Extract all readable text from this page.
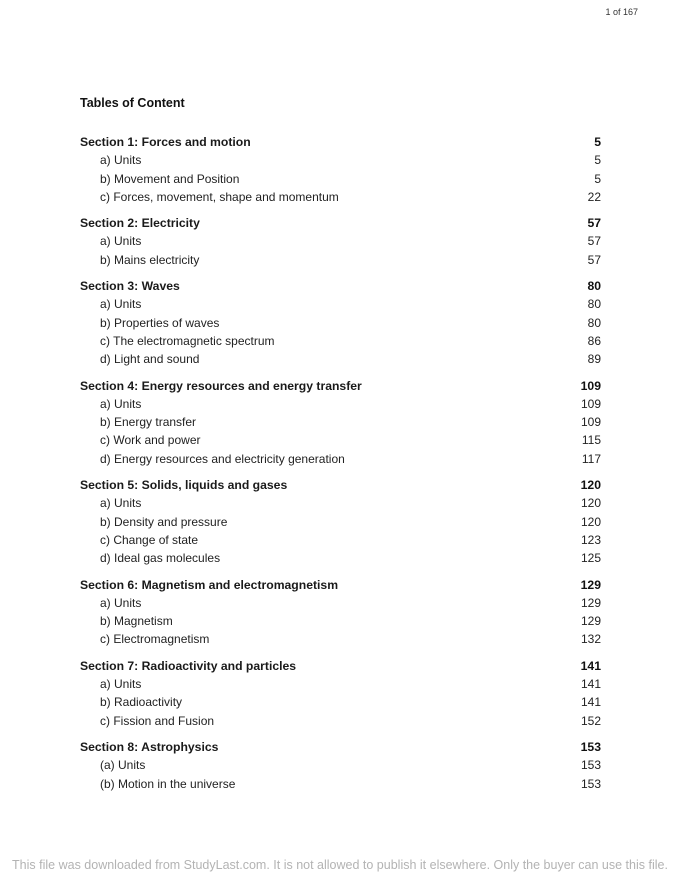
1 of 167
Tables of Content
Section 1: Forces and motion	5
a) Units	5
b) Movement and Position	5
c) Forces, movement, shape and momentum	22
Section 2: Electricity	57
a) Units	57
b) Mains electricity	57
Section 3: Waves	80
a) Units	80
b) Properties of waves	80
c) The electromagnetic spectrum	86
d) Light and sound	89
Section 4: Energy resources and energy transfer	109
a) Units	109
b) Energy transfer	109
c) Work and power	115
d) Energy resources and electricity generation	117
Section 5: Solids, liquids and gases	120
a) Units	120
b) Density and pressure	120
c) Change of state	123
d) Ideal gas molecules	125
Section 6: Magnetism and electromagnetism	129
a) Units	129
b) Magnetism	129
c) Electromagnetism	132
Section 7: Radioactivity and particles	141
a) Units	141
b) Radioactivity	141
c) Fission and Fusion	152
Section 8: Astrophysics	153
(a) Units	153
(b) Motion in the universe	153
This file was downloaded from StudyLast.com. It is not allowed to publish it elsewhere. Only the buyer can use this file.
